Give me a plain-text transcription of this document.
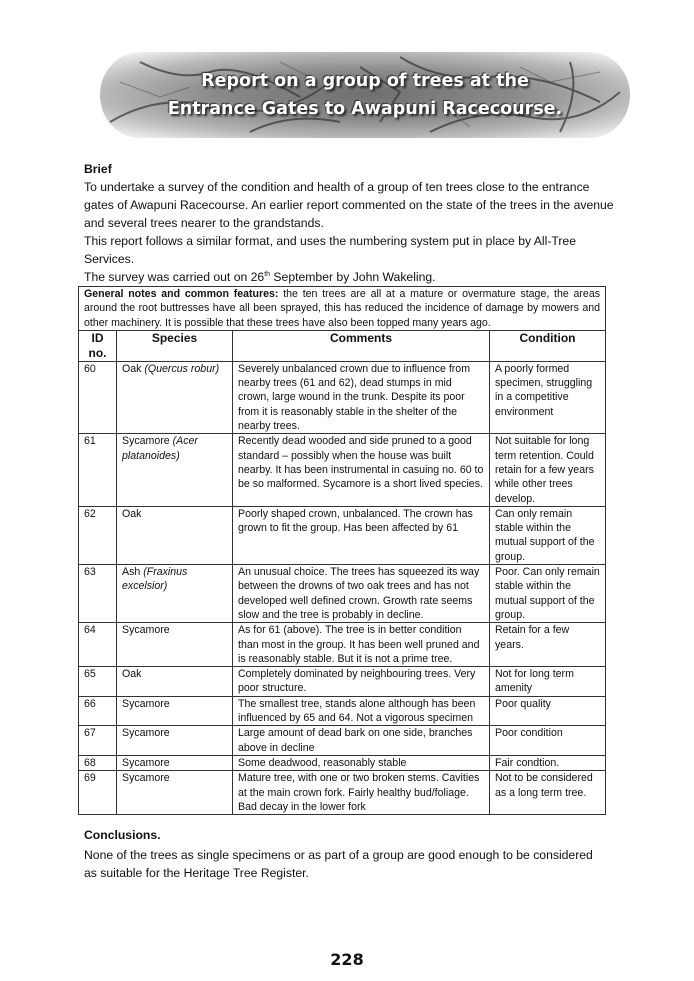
Report on a group of trees at the
Entrance Gates to Awapuni Racecourse.
Brief

To undertake a survey of the condition and health of a group of ten trees close to the entrance gates of Awapuni Racecourse. An earlier report commented on the state of the trees in the avenue and several trees nearer to the grandstands.

This report follows a similar format, and uses the numbering system put in place by All-Tree Services.

The survey was carried out on 26th September by John Wakeling.

General notes and common features: the ten trees are all at a mature or overmature stage, the areas around the root buttresses have all been sprayed, this has reduced the incidence of damage by mowers and other machinery. It is possible that these trees have also been topped many years ago.			
ID no.	Species	Comments	Condition
60	Oak (Quercus robur)	Severely unbalanced crown due to influence from nearby trees (61 and 62), dead stumps in mid crown, large wound in the trunk. Despite its poor from it is reasonably stable in the shelter of the nearby trees.	A poorly formed specimen, struggling in a competitive environment
61	Sycamore (Acer platanoides)	Recently dead wooded and side pruned to a good standard – possibly when the house was built nearby. It has been instrumental in casuing no. 60 to be so malformed. Sycamore is a short lived species.	Not suitable for long term retention. Could retain for a few years while other trees develop.
62	Oak	Poorly shaped crown, unbalanced. The crown has grown to fit the group. Has been affected by 61	Can only remain stable within the mutual support of the group.
63	Ash (Fraxinus excelsior)	An unusual choice. The trees has squeezed its way between the drowns of two oak trees and has not developed well defined crown. Growth rate seems slow and the tree is probably in decline.	Poor. Can only remain stable within the mutual support of the group.
64	Sycamore	As for 61 (above). The tree is in better condition than most in the group. It has been well pruned and is reasonably stable. But it is not a prime tree.	Retain for a few years.
65	Oak	Completely dominated by neighbouring trees. Very poor structure.	Not for long term amenity
66	Sycamore	The smallest tree, stands alone although has been influenced by 65 and 64. Not a vigorous specimen	Poor quality
67	Sycamore	Large amount of dead bark on one side, branches above in decline	Poor condition
68	Sycamore	Some deadwood, reasonably stable	Fair condtion.
69	Sycamore	Mature tree, with one or two broken stems. Cavities at the main crown fork. Fairly healthy bud/foliage. Bad decay in the lower fork	Not to be considered as a long term tree.
Conclusions.
None of the trees as single specimens or as part of a group are good enough to be considered as suitable for the Heritage Tree Register.
228
